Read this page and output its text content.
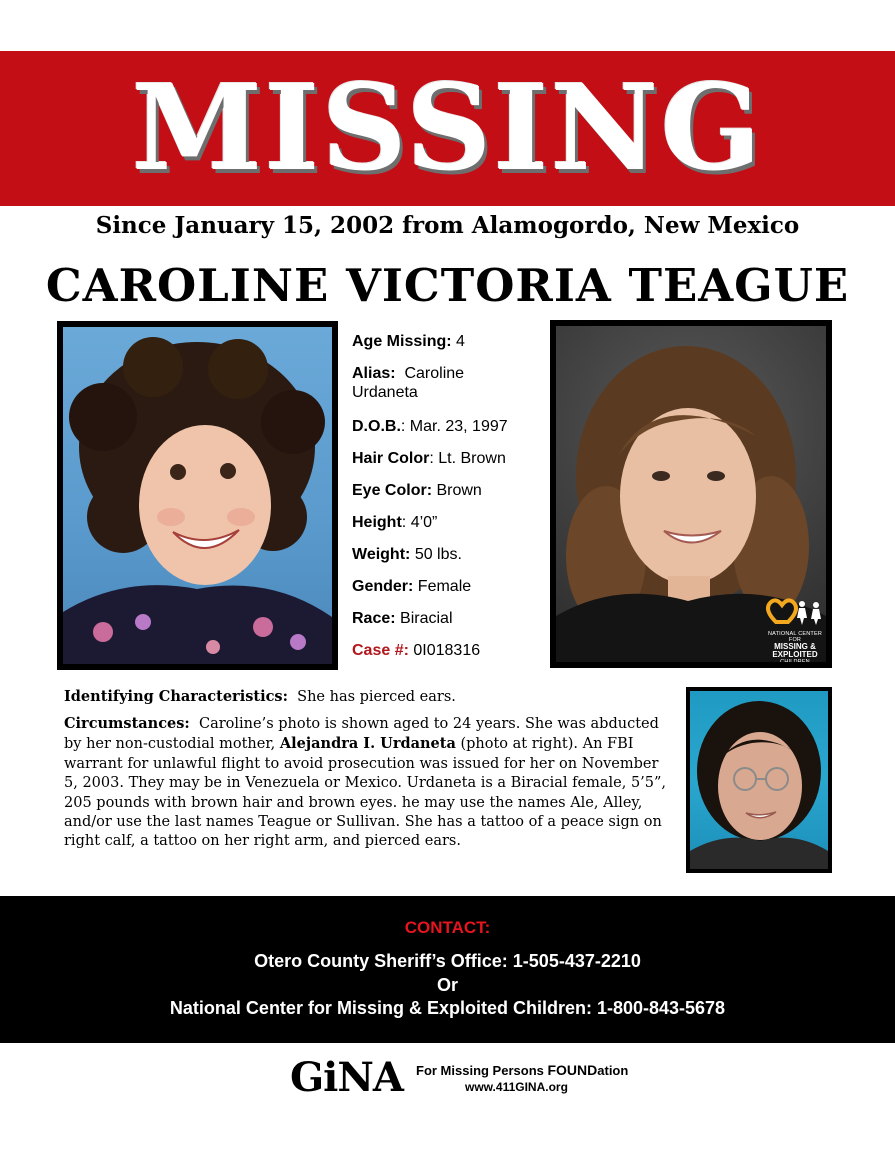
MISSING
Since January 15, 2002 from Alamogordo, New Mexico
CAROLINE VICTORIA TEAGUE
Age Missing: 4
Alias: Caroline
Urdaneta
D.O.B.: Mar. 23, 1997
Hair Color: Lt. Brown
Eye Color: Brown
Height: 4’0”
Weight: 50 lbs.
Gender: Female
Race: Biracial
Case #: 0I018316
NATIONAL CENTER FOR
MISSING &
EXPLOITED
CHILDREN
Identifying Characteristics: She has pierced ears.
Circumstances: Caroline’s photo is shown aged to 24 years. She was abducted by her non-custodial mother, Alejandra I. Urdaneta (photo at right). An FBI warrant for unlawful flight to avoid prosecution was issued for her on November 5, 2003. They may be in Venezuela or Mexico. Urdaneta is a Biracial female, 5’5”, 205 pounds with brown hair and brown eyes. he may use the names Ale, Alley, and/or use the last names Teague or Sullivan. She has a tattoo of a peace sign on right calf, a tattoo on her right arm, and pierced ears.
CONTACT:
Otero County Sheriff’s Office: 1-505-437-2210
Or
National Center for Missing & Exploited Children: 1-800-843-5678
GiNA For Missing Persons FOUNDation
www.411GINA.org
